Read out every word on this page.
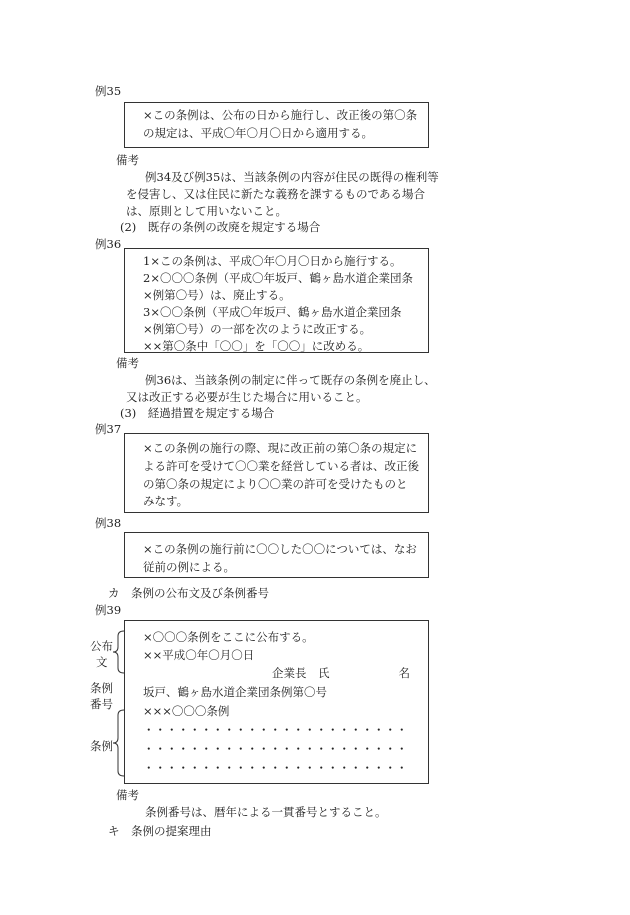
例35
×この条例は、公布の日から施行し、改正後の第〇条
の規定は、平成〇年〇月〇日から適用する。
備考
例34及び例35は、当該条例の内容が住民の既得の権利等
を侵害し、又は住民に新たな義務を課するものである場合
は、原則として用いないこと。
(2)　既存の条例の改廃を規定する場合
例36
1×この条例は、平成〇年〇月〇日から施行する。
2×〇〇〇条例（平成〇年坂戸、鶴ヶ島水道企業団条
×例第〇号）は、廃止する。
3×〇〇条例（平成〇年坂戸、鶴ヶ島水道企業団条
×例第〇号）の一部を次のように改正する。
××第〇条中「〇〇」を「〇〇」に改める。
備考
例36は、当該条例の制定に伴って既存の条例を廃止し、
又は改正する必要が生じた場合に用いること。
(3)　経過措置を規定する場合
例37
×この条例の施行の際、現に改正前の第〇条の規定に
よる許可を受けて〇〇業を経営している者は、改正後
の第〇条の規定により〇〇業の許可を受けたものと
みなす。
例38
×この条例の施行前に〇〇した〇〇については、なお
従前の例による。
カ　条例の公布文及び条例番号
例39
公布
文
条例
番号
条例
×〇〇〇条例をここに公布する。
××平成〇年〇月〇日
企業長　氏　　　　　　名
坂戸、鶴ヶ島水道企業団条例第〇号
×××〇〇〇条例
・・・・・・・・・・・・・・・・・・・・・・・
・・・・・・・・・・・・・・・・・・・・・・・
・・・・・・・・・・・・・・・・・・・・・・・
備考
条例番号は、暦年による一貫番号とすること。
キ　条例の提案理由
